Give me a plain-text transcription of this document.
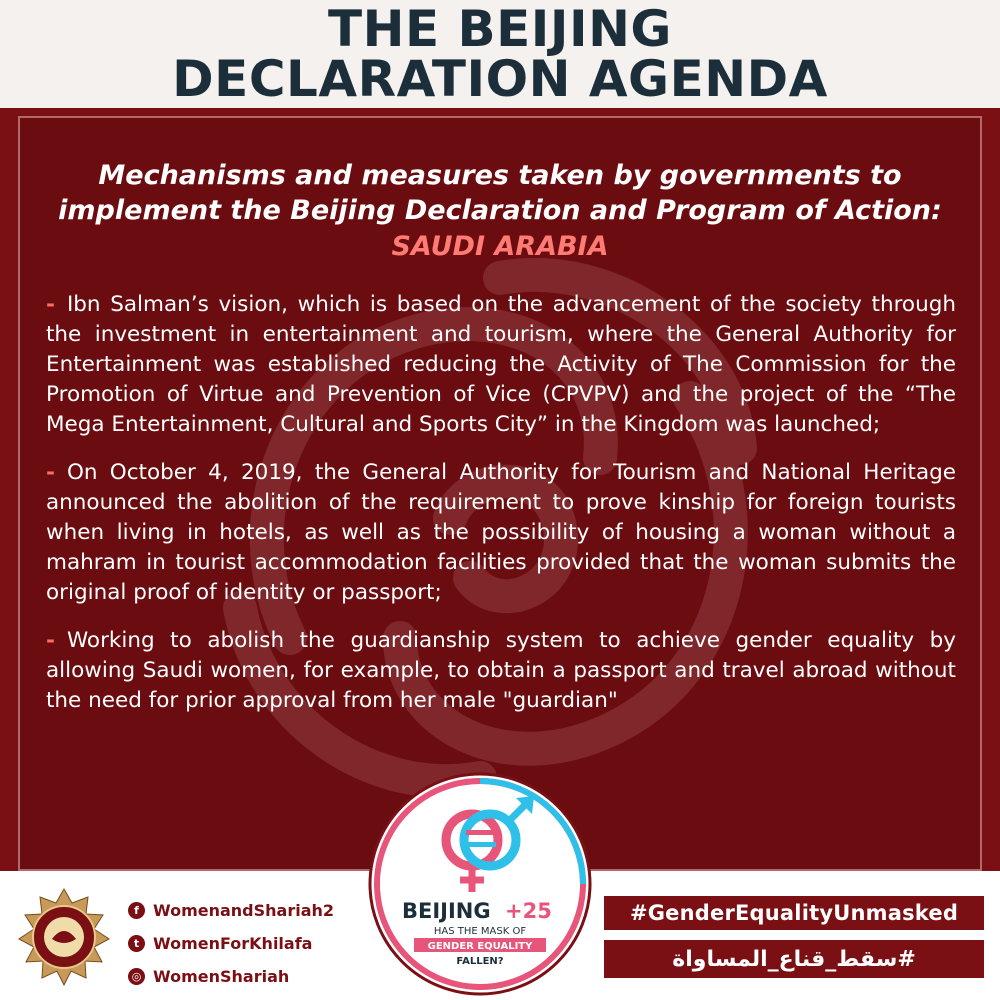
THE BEIJING
DECLARATION AGENDA
Mechanisms and measures taken by governments to
implement the Beijing Declaration and Program of Action:
SAUDI ARABIA

- Ibn Salman’s vision, which is based on the advancement of the society through the investment in entertainment and tourism, where the General Authority for Entertainment was established reducing the Activity of The Commission for the Promotion of Virtue and Prevention of Vice (CPVPV) and the project of the “The Mega Entertainment, Cultural and Sports City” in the Kingdom was launched;

- On October 4, 2019, the General Authority for Tourism and National Heritage announced the abolition of the requirement to prove kinship for foreign tourists when living in hotels, as well as the possibility of housing a woman without a mahram in tourist accommodation facilities provided that the woman submits the original proof of identity or passport;

- Working to abolish the guardianship system to achieve gender equality by allowing Saudi women, for example, to obtain a passport and travel abroad without the need for prior approval from her male "guardian"

f WomenandShariah2
t WomenForKhilafa
◎ WomenShariah
#GenderEqualityUnmasked
#سقط_قناع_المساواة
BEIJING +25
HAS THE MASK OF
GENDER EQUALITY
FALLEN?
